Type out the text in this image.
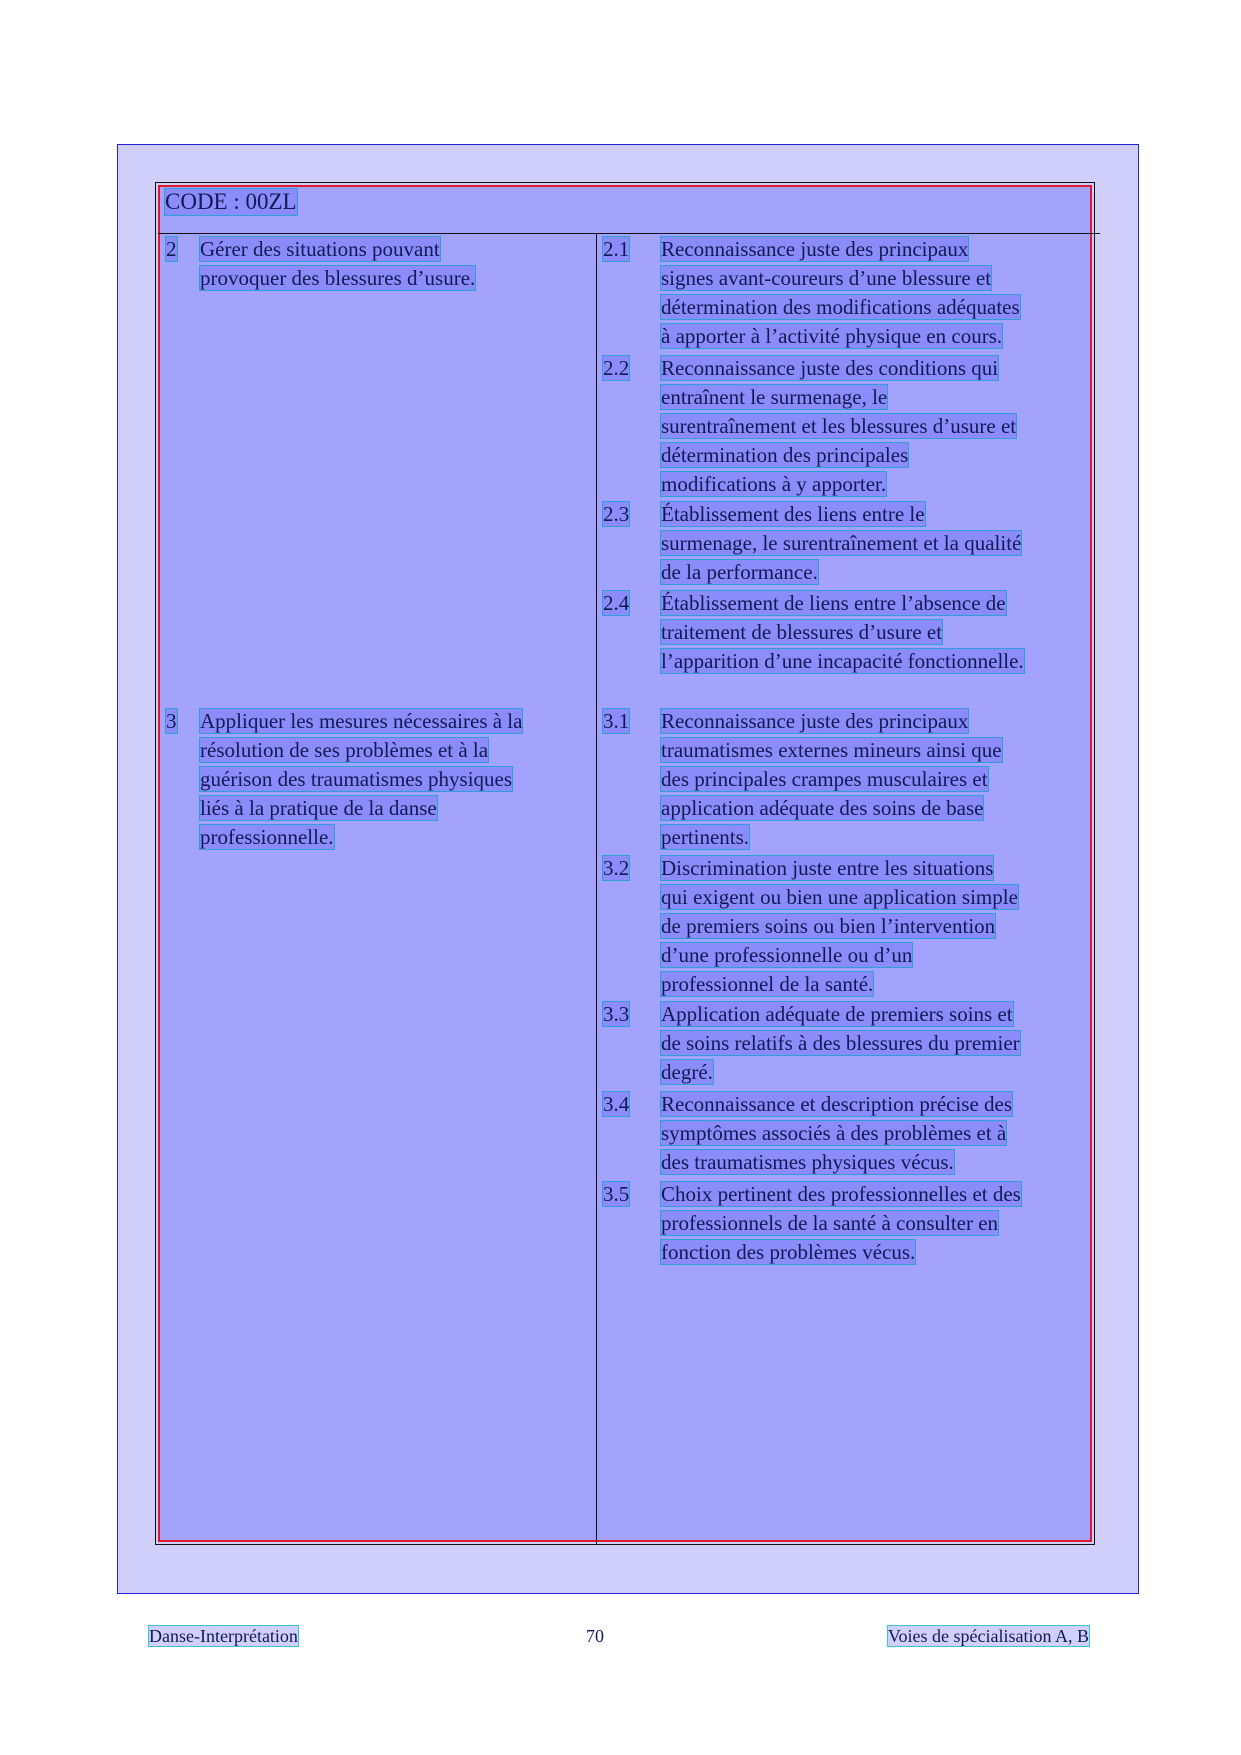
CODE : 00ZL
2 Gérer des situations pouvant
provoquer des blessures d’usure.
3 Appliquer les mesures nécessaires à la
résolution de ses problèmes et à la
guérison des traumatismes physiques
liés à la pratique de la danse
professionnelle.
2.1 Reconnaissance juste des principaux
signes avant-coureurs d’une blessure et
détermination des modifications adéquates
à apporter à l’activité physique en cours.
2.2 Reconnaissance juste des conditions qui
entraînent le surmenage, le
surentraînement et les blessures d’usure et
détermination des principales
modifications à y apporter.
2.3 Établissement des liens entre le
surmenage, le surentraînement et la qualité
de la performance.
2.4 Établissement de liens entre l’absence de
traitement de blessures d’usure et
l’apparition d’une incapacité fonctionnelle.
3.1 Reconnaissance juste des principaux
traumatismes externes mineurs ainsi que
des principales crampes musculaires et
application adéquate des soins de base
pertinents.
3.2 Discrimination juste entre les situations
qui exigent ou bien une application simple
de premiers soins ou bien l’intervention
d’une professionnelle ou d’un
professionnel de la santé.
3.3 Application adéquate de premiers soins et
de soins relatifs à des blessures du premier
degré.
3.4 Reconnaissance et description précise des
symptômes associés à des problèmes et à
des traumatismes physiques vécus.
3.5 Choix pertinent des professionnelles et des
professionnels de la santé à consulter en
fonction des problèmes vécus.
Danse-Interprétation	70	Voies de spécialisation A, B
